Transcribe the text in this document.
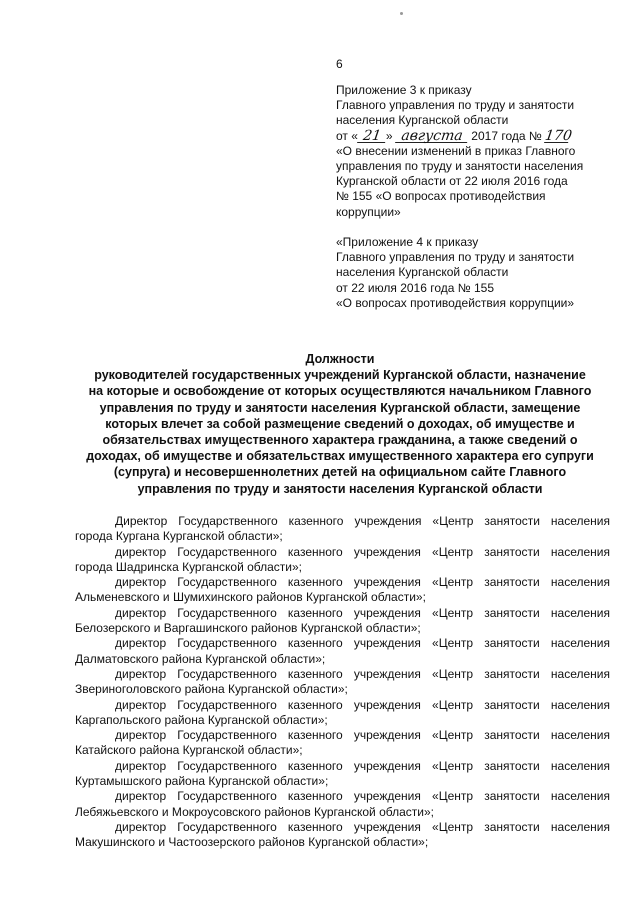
6
Приложение 3 к приказу
Главного управления по труду и занятости
населения Курганской области
от « 21 » августа 2017 года № 170
«О внесении изменений в приказ Главного
управления по труду и занятости населения
Курганской области от 22 июля 2016 года
№ 155 «О вопросах противодействия
коррупции»
«Приложение 4 к приказу
Главного управления по труду и занятости
населения Курганской области
от 22 июля 2016 года № 155
«О вопросах противодействия коррупции»
Должности
руководителей государственных учреждений Курганской области, назначение
на которые и освобождение от которых осуществляются начальником Главного
управления по труду и занятости населения Курганской области, замещение
которых влечет за собой размещение сведений о доходах, об имуществе и
обязательствах имущественного характера гражданина, а также сведений о
доходах, об имуществе и обязательствах имущественного характера его супруги
(супруга) и несовершеннолетних детей на официальном сайте Главного
управления по труду и занятости населения Курганской области
Директор Государственного казенного учреждения «Центр занятости населения
города Кургана Курганской области»;
директор Государственного казенного учреждения «Центр занятости населения
города Шадринска Курганской области»;
директор Государственного казенного учреждения «Центр занятости населения
Альменевского и Шумихинского районов Курганской области»;
директор Государственного казенного учреждения «Центр занятости населения
Белозерского и Варгашинского районов Курганской области»;
директор Государственного казенного учреждения «Центр занятости населения
Далматовского района Курганской области»;
директор Государственного казенного учреждения «Центр занятости населения
Звериноголовского района Курганской области»;
директор Государственного казенного учреждения «Центр занятости населения
Каргапольского района Курганской области»;
директор Государственного казенного учреждения «Центр занятости населения
Катайского района Курганской области»;
директор Государственного казенного учреждения «Центр занятости населения
Куртамышского района Курганской области»;
директор Государственного казенного учреждения «Центр занятости населения
Лебяжьевского и Мокроусовского районов Курганской области»;
директор Государственного казенного учреждения «Центр занятости населения
Макушинского и Частоозерского районов Курганской области»;
